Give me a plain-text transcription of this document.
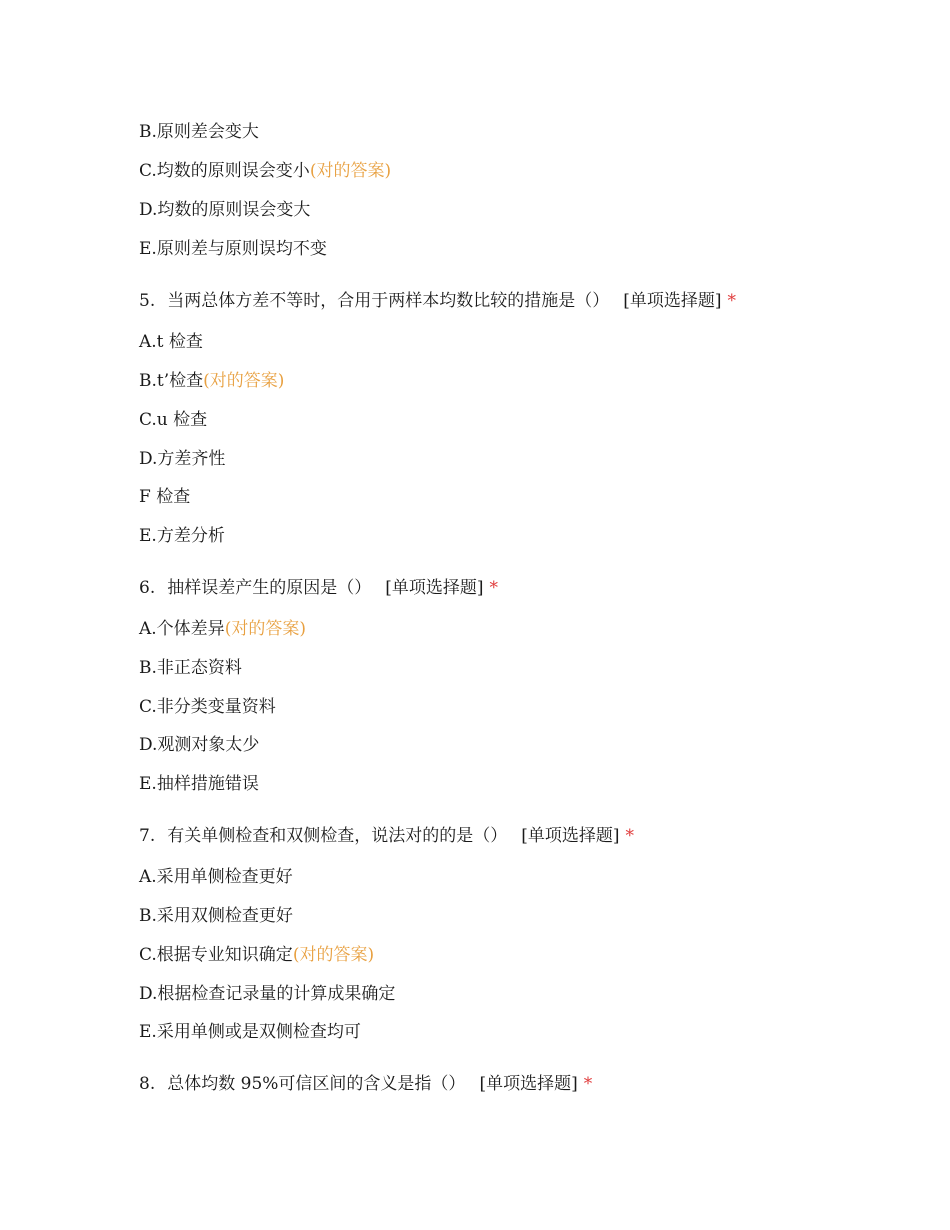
B.原则差会变大
C.均数的原则误会变小(对的答案)
D.均数的原则误会变大
E.原则差与原则误均不变
5. 当两总体方差不等时，合用于两样本均数比较的措施是（） [单项选择题] *
A.t 检查
B.t’检查(对的答案)
C.u 检查
D.方差齐性
F 检查
E.方差分析
6. 抽样误差产生的原因是（） [单项选择题] *
A.个体差异(对的答案)
B.非正态资料
C.非分类变量资料
D.观测对象太少
E.抽样措施错误
7. 有关单侧检查和双侧检查，说法对的的是（） [单项选择题] *
A.采用单侧检查更好
B.采用双侧检查更好
C.根据专业知识确定(对的答案)
D.根据检查记录量的计算成果确定
E.采用单侧或是双侧检查均可
8. 总体均数 95%可信区间的含义是指（） [单项选择题] *
